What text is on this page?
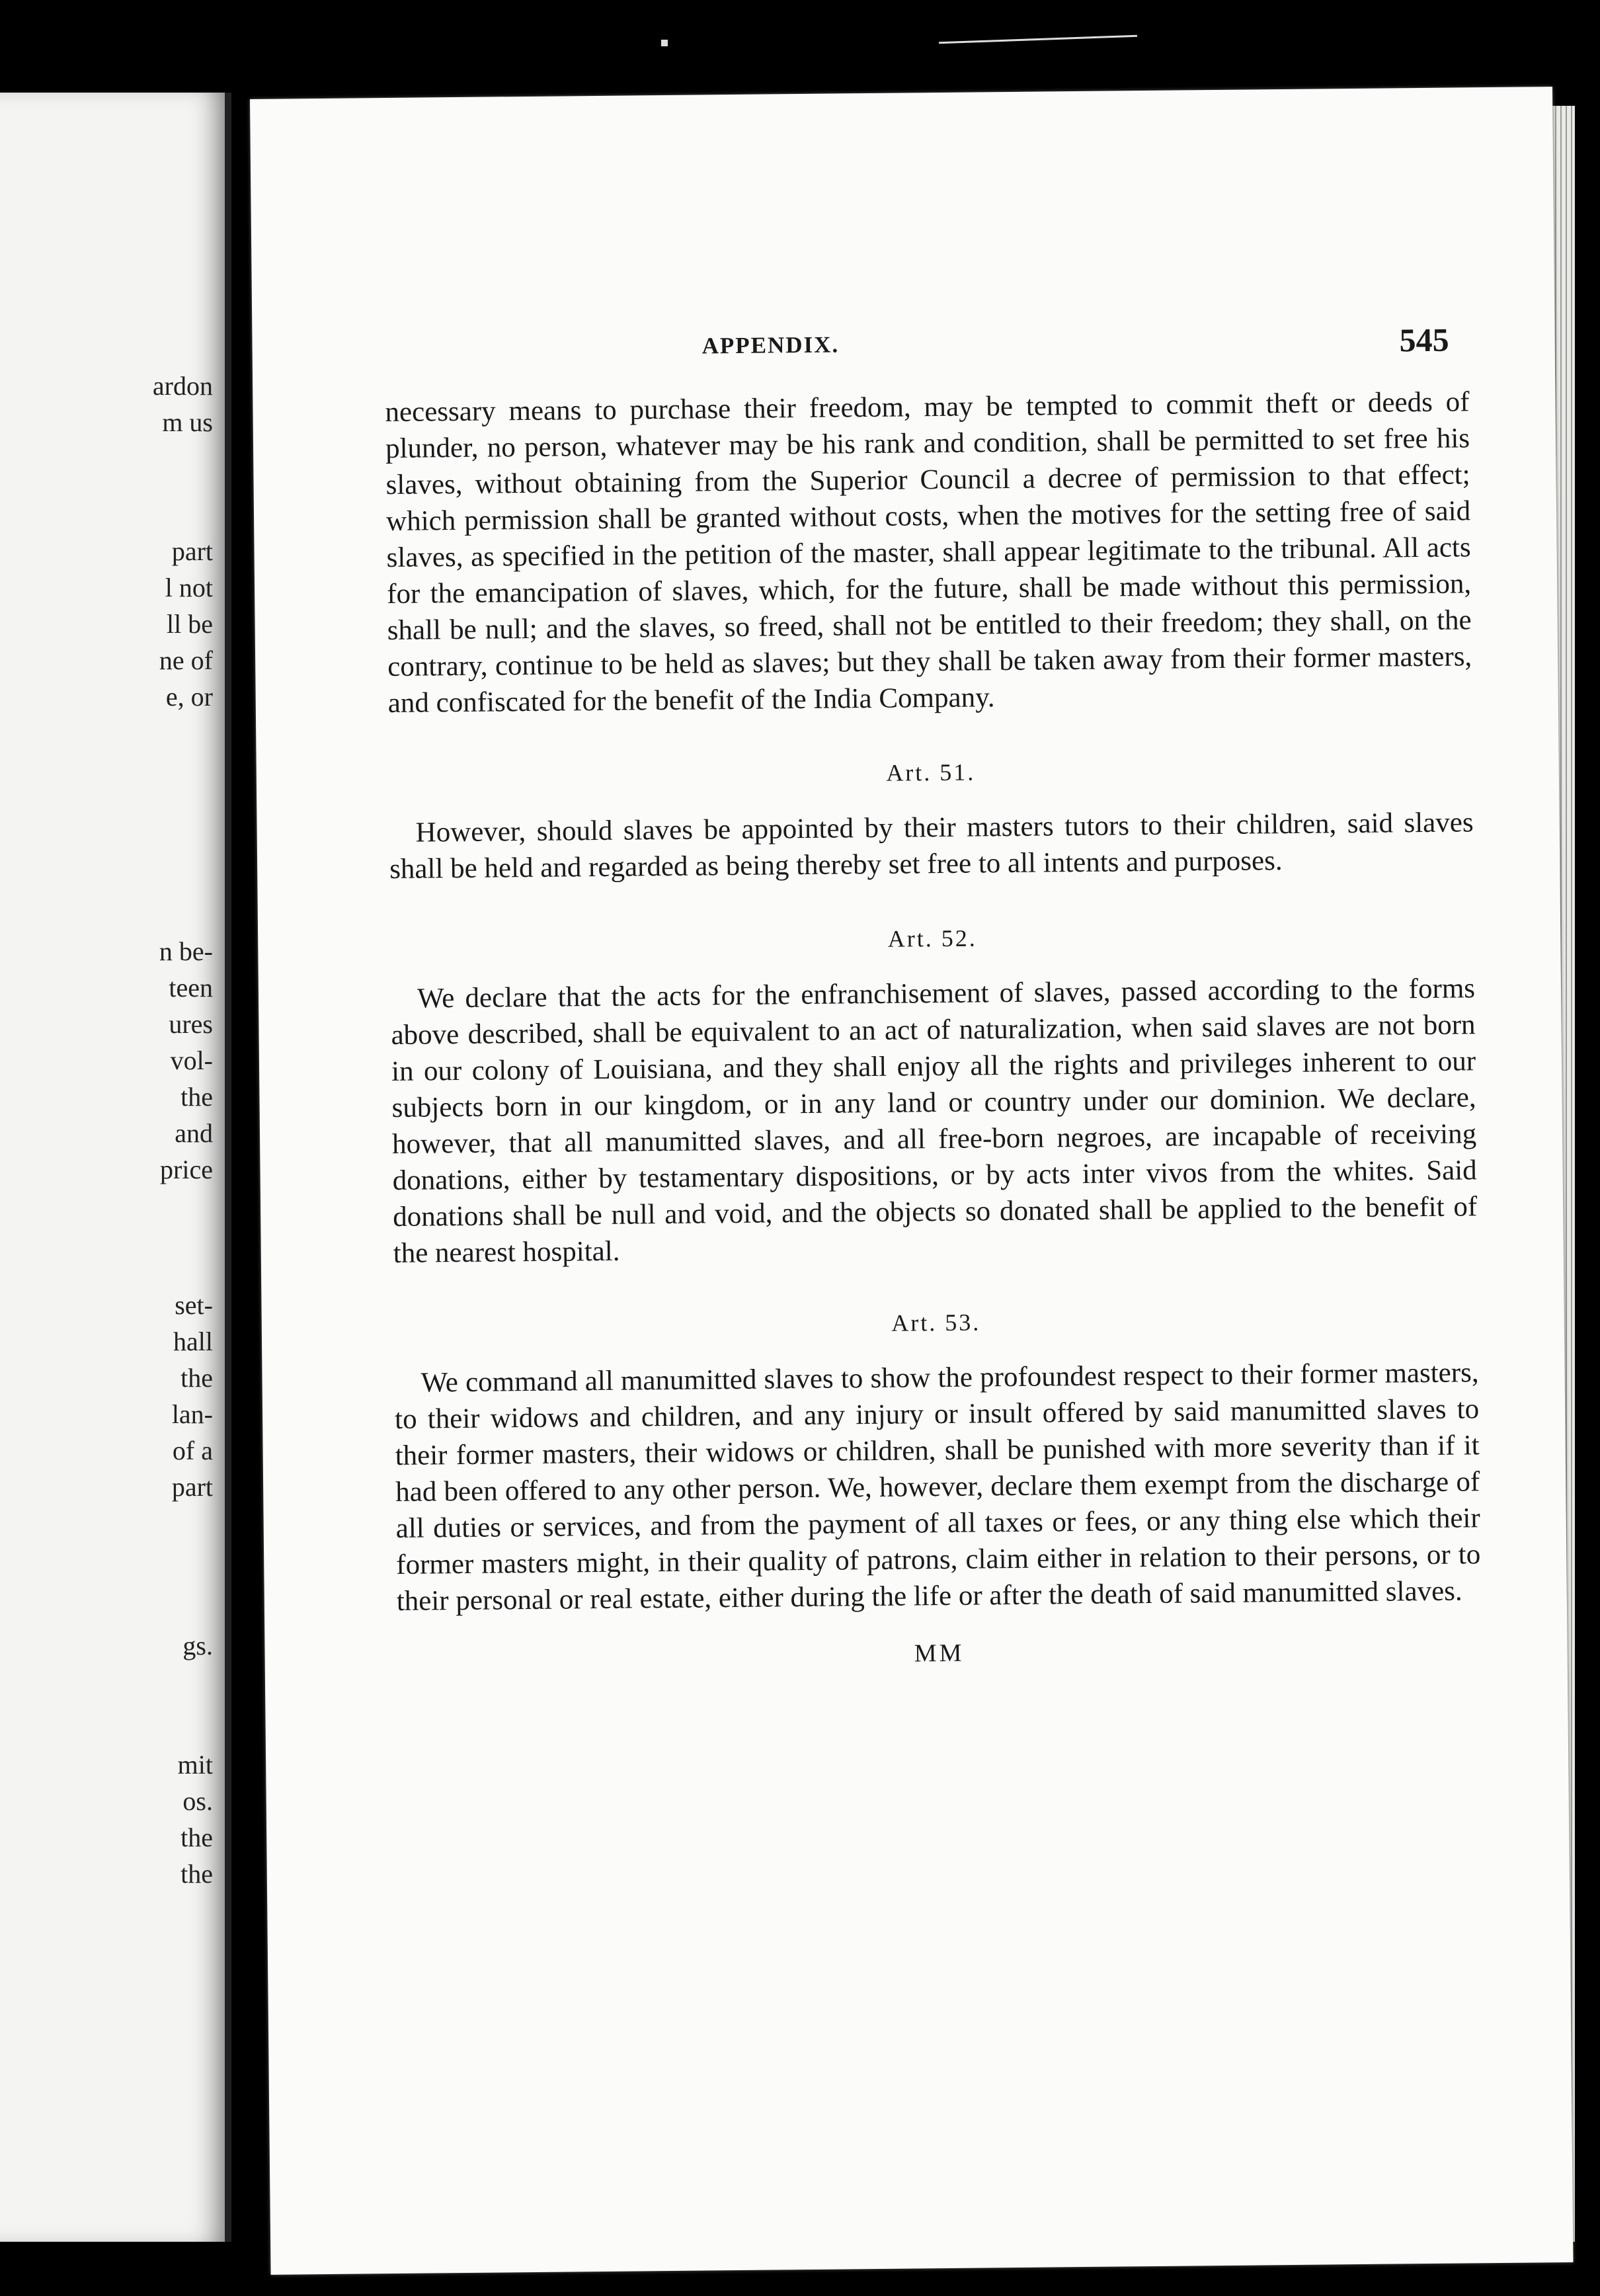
ardon
m us
part
l not
ll be
ne of
e, or
n be-
teen
ures
vol-
the
and
price
set-
hall
the
lan-
of a
part
gs.
mit
os.
the
the
APPENDIX.	545

necessary means to purchase their freedom, may be tempted to commit theft or deeds of plunder, no person, whatever may be his rank and condition, shall be permitted to set free his slaves, without obtaining from the Superior Council a decree of permission to that effect; which permission shall be granted without costs, when the motives for the setting free of said slaves, as specified in the petition of the master, shall appear legitimate to the tribunal. All acts for the emancipation of slaves, which, for the future, shall be made without this permission, shall be null; and the slaves, so freed, shall not be entitled to their freedom; they shall, on the contrary, continue to be held as slaves; but they shall be taken away from their former masters, and confiscated for the benefit of the India Company.

Art. 51.

However, should slaves be appointed by their masters tutors to their children, said slaves shall be held and regarded as being thereby set free to all intents and purposes.

Art. 52.

We declare that the acts for the enfranchisement of slaves, passed according to the forms above described, shall be equivalent to an act of naturalization, when said slaves are not born in our colony of Louisiana, and they shall enjoy all the rights and privileges inherent to our subjects born in our kingdom, or in any land or country under our dominion. We declare, however, that all manumitted slaves, and all free-born negroes, are incapable of receiving donations, either by testamentary dispositions, or by acts inter vivos from the whites. Said donations shall be null and void, and the objects so donated shall be applied to the benefit of the nearest hospital.

Art. 53.

We command all manumitted slaves to show the profoundest respect to their former masters, to their widows and children, and any injury or insult offered by said manumitted slaves to their former masters, their widows or children, shall be punished with more severity than if it had been offered to any other person. We, however, declare them exempt from the discharge of all duties or services, and from the payment of all taxes or fees, or any thing else which their former masters might, in their quality of patrons, claim either in relation to their persons, or to their personal or real estate, either during the life or after the death of said manumitted slaves.

MM
